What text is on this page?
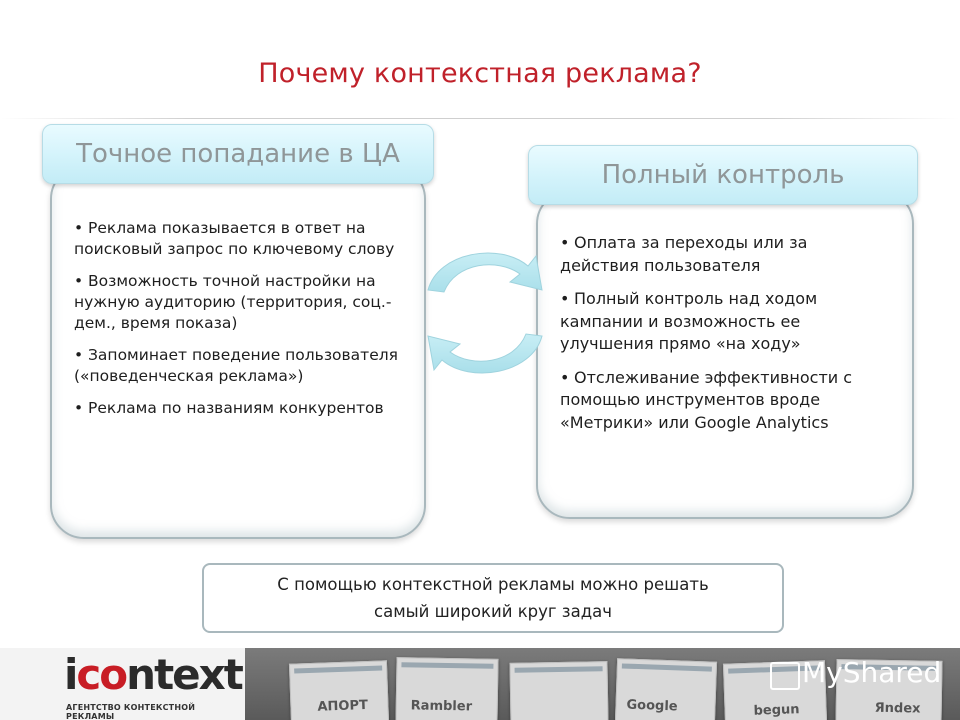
Почему контекстная реклама?
Точное попадание в ЦА
• Реклама показывается в ответ на поисковый запрос по ключевому слову
• Возможность точной настройки на нужную аудиторию (территория, соц.-дем., время показа)
• Запоминает поведение пользователя («поведенческая реклама»)
• Реклама по названиям конкурентов
Полный контроль
• Оплата за переходы или за действия пользователя
• Полный контроль над ходом кампании и возможность ее улучшения прямо «на ходу»
• Отслеживание эффективности с помощью инструментов вроде «Метрики» или Google Analytics
С помощью контекстной рекламы можно решать
самый широкий круг задач
АПОРТ	Rambler	Google	begun	Яndex
MyShared
icontext
АГЕНТСТВО КОНТЕКСТНОЙ РЕКЛАМЫ
